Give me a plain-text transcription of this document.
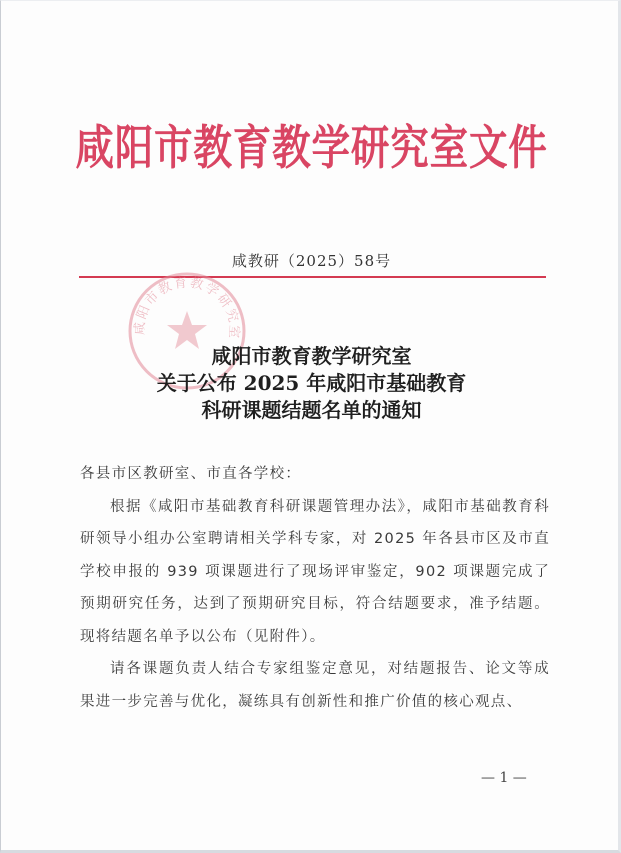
咸阳市教育教学研究室文件
咸教研（2025）58号
咸阳市教育教学研究室
咸阳市教育教学研究室
关于公布 2025 年咸阳市基础教育
科研课题结题名单的通知

各县市区教研室、市直各学校：

根据《咸阳市基础教育科研课题管理办法》，咸阳市基础教育科研领导小组办公室聘请相关学科专家，对 2025 年各县市区及市直学校申报的 939 项课题进行了现场评审鉴定，902 项课题完成了预期研究任务，达到了预期研究目标，符合结题要求，准予结题。现将结题名单予以公布（见附件）。

请各课题负责人结合专家组鉴定意见，对结题报告、论文等成果进一步完善与优化，凝练具有创新性和推广价值的核心观点、

— 1 —
